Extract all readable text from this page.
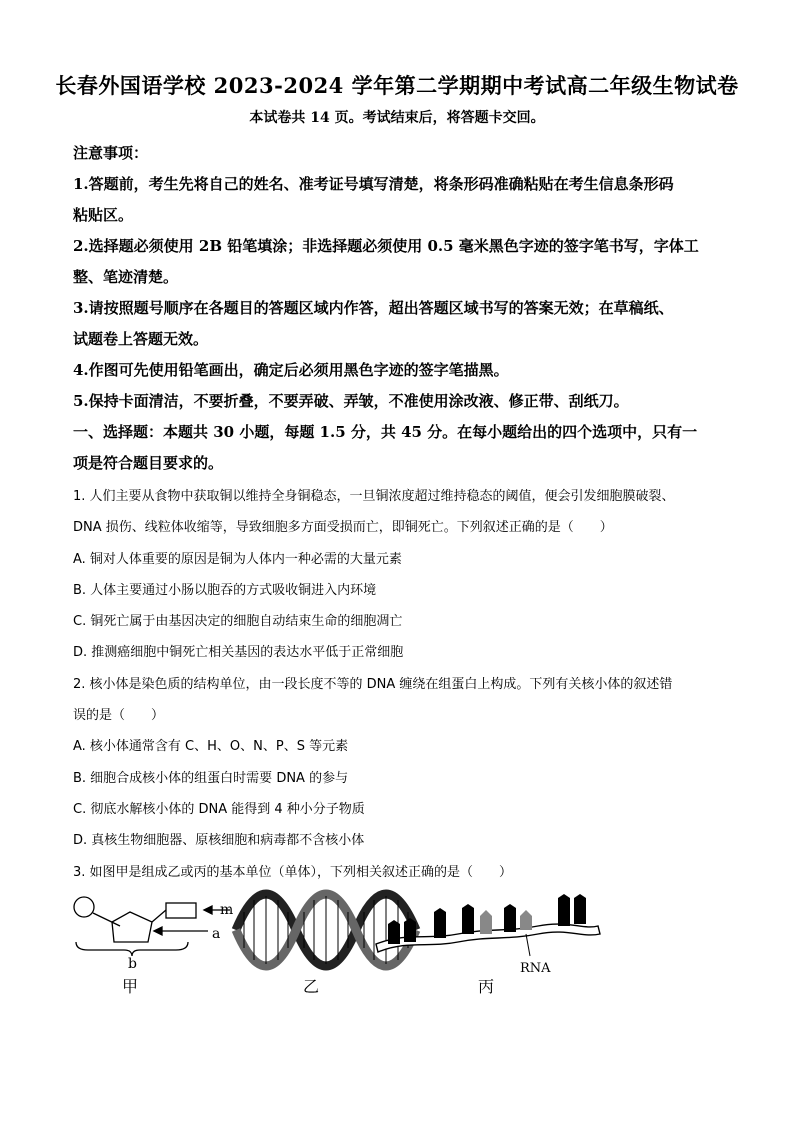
长春外国语学校 2023-2024 学年第二学期期中考试高二年级生物试卷
本试卷共 14 页。考试结束后，将答题卡交回。

注意事项：

1.答题前，考生先将自己的姓名、准考证号填写清楚，将条形码准确粘贴在考生信息条形码

粘贴区。

2.选择题必须使用 2B 铅笔填涂；非选择题必须使用 0.5 毫米黑色字迹的签字笔书写，字体工

整、笔迹清楚。

3.请按照题号顺序在各题目的答题区域内作答，超出答题区域书写的答案无效；在草稿纸、

试题卷上答题无效。

4.作图可先使用铅笔画出，确定后必须用黑色字迹的签字笔描黑。

5.保持卡面清洁，不要折叠，不要弄破、弄皱，不准使用涂改液、修正带、刮纸刀。

一、选择题：本题共 30 小题，每题 1.5 分，共 45 分。在每小题给出的四个选项中，只有一

项是符合题目要求的。

1. 人们主要从食物中获取铜以维持全身铜稳态，一旦铜浓度超过维持稳态的阈值，便会引发细胞膜破裂、

DNA 损伤、线粒体收缩等，导致细胞多方面受损而亡，即铜死亡。下列叙述正确的是（　　）

A. 铜对人体重要的原因是铜为人体内一种必需的大量元素

B. 人体主要通过小肠以胞吞的方式吸收铜进入内环境

C. 铜死亡属于由基因决定的细胞自动结束生命的细胞凋亡

D. 推测癌细胞中铜死亡相关基因的表达水平低于正常细胞

2. 核小体是染色质的结构单位，由一段长度不等的 DNA 缠绕在组蛋白上构成。下列有关核小体的叙述错

误的是（　　）

A. 核小体通常含有 C、H、O、N、P、S 等元素

B. 细胞合成核小体的组蛋白时需要 DNA 的参与

C. 彻底水解核小体的 DNA 能得到 4 种小分子物质

D. 真核生物细胞器、原核细胞和病毒都不含核小体

3. 如图甲是组成乙或丙的基本单位（单体），下列相关叙述正确的是（　　）

m
a
b
甲	乙
RNA
丙
